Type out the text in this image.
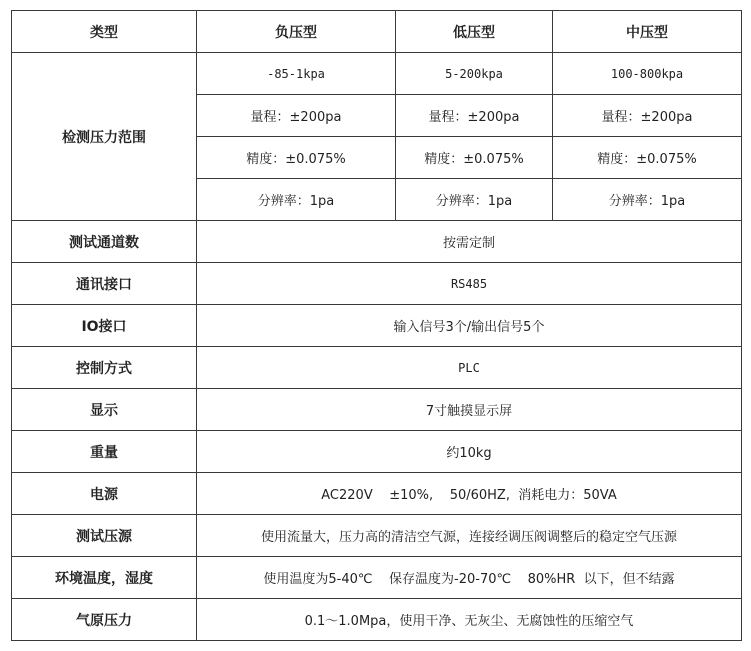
类型	负压型	低压型	中压型
检测压力范围	-85-1kpa	5-200kpa	100-800kpa
	量程：±200pa	量程：±200pa	量程：±200pa
	精度：±0.075%	精度：±0.075%	精度：±0.075%
	分辨率：1pa	分辨率：1pa	分辨率：1pa
测试通道数	按需定制		
通讯接口	RS485		
IO接口	输入信号3个/输出信号5个		
控制方式	PLC		
显示	7寸触摸显示屏		
重量	约10kg		
电源	AC220V    ±10%,    50/60HZ,  消耗电力：50VA		
测试压源	使用流量大，压力高的清洁空气源，连接经调压阀调整后的稳定空气压源		
环境温度，湿度	使用温度为5-40℃    保存温度为-20-70℃    80%HR  以下，但不结露		
气原压力	0.1～1.0Mpa，使用干净、无灰尘、无腐蚀性的压缩空气		
